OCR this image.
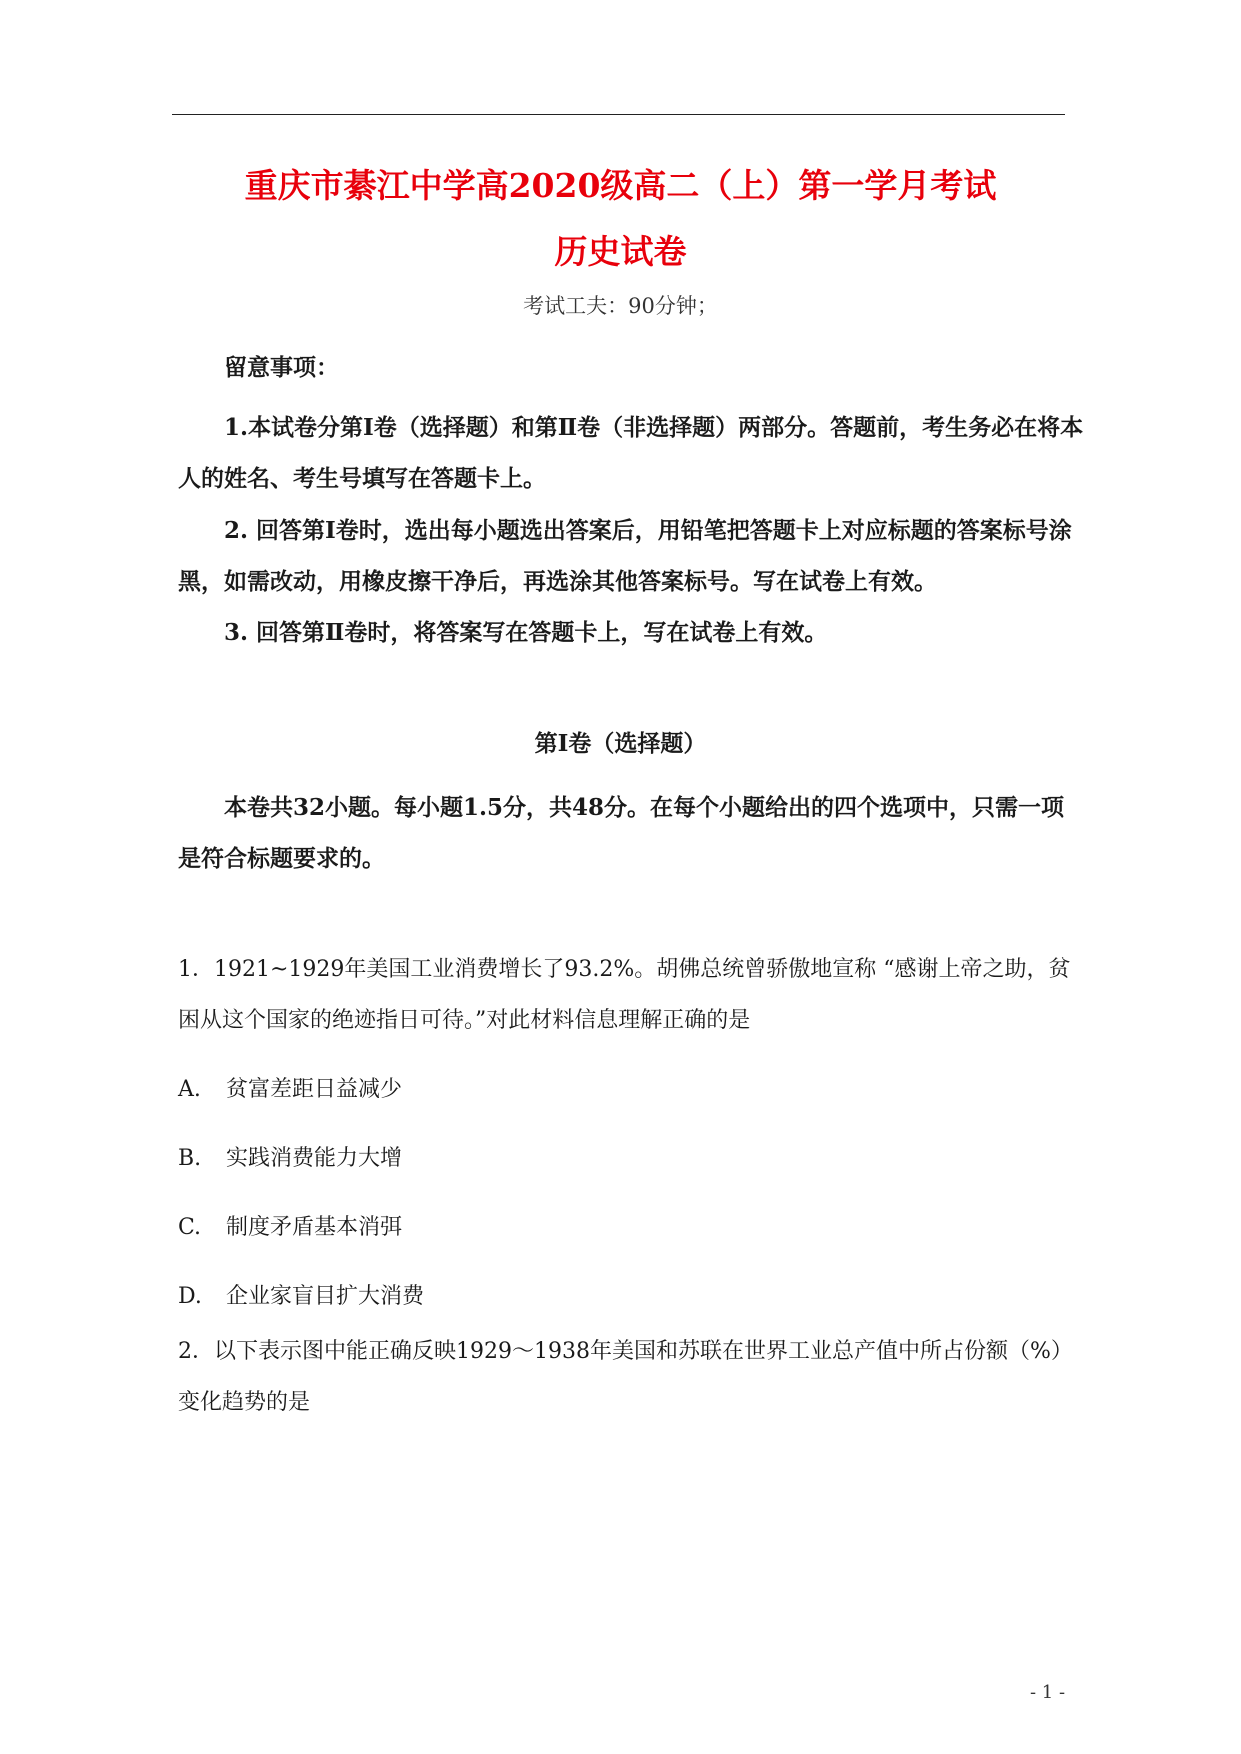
重庆市綦江中学高2020级高二（上）第一学月考试
历史试卷
考试工夫：90分钟；
留意事项：
1.本试卷分第Ⅰ卷（选择题）和第Ⅱ卷（非选择题）两部分。答题前，考生务必在将本人的姓名、考生号填写在答题卡上。
2. 回答第Ⅰ卷时，选出每小题选出答案后，用铅笔把答题卡上对应标题的答案标号涂黑，如需改动，用橡皮擦干净后，再选涂其他答案标号。写在试卷上有效。
3. 回答第Ⅱ卷时，将答案写在答题卡上，写在试卷上有效。
第Ⅰ卷（选择题）
本卷共32小题。每小题1.5分，共48分。在每个小题给出的四个选项中，只需一项是符合标题要求的。
1．1921~1929年美国工业消费增长了93.2%。胡佛总统曾骄傲地宣称 “感谢上帝之助，贫困从这个国家的绝迹指日可待。”对此材料信息理解正确的是
A. 贫富差距日益减少
B. 实践消费能力大增
C. 制度矛盾基本消弭
D. 企业家盲目扩大消费
2．以下表示图中能正确反映1929～1938年美国和苏联在世界工业总产值中所占份额（%）变化趋势的是
- 1 -
